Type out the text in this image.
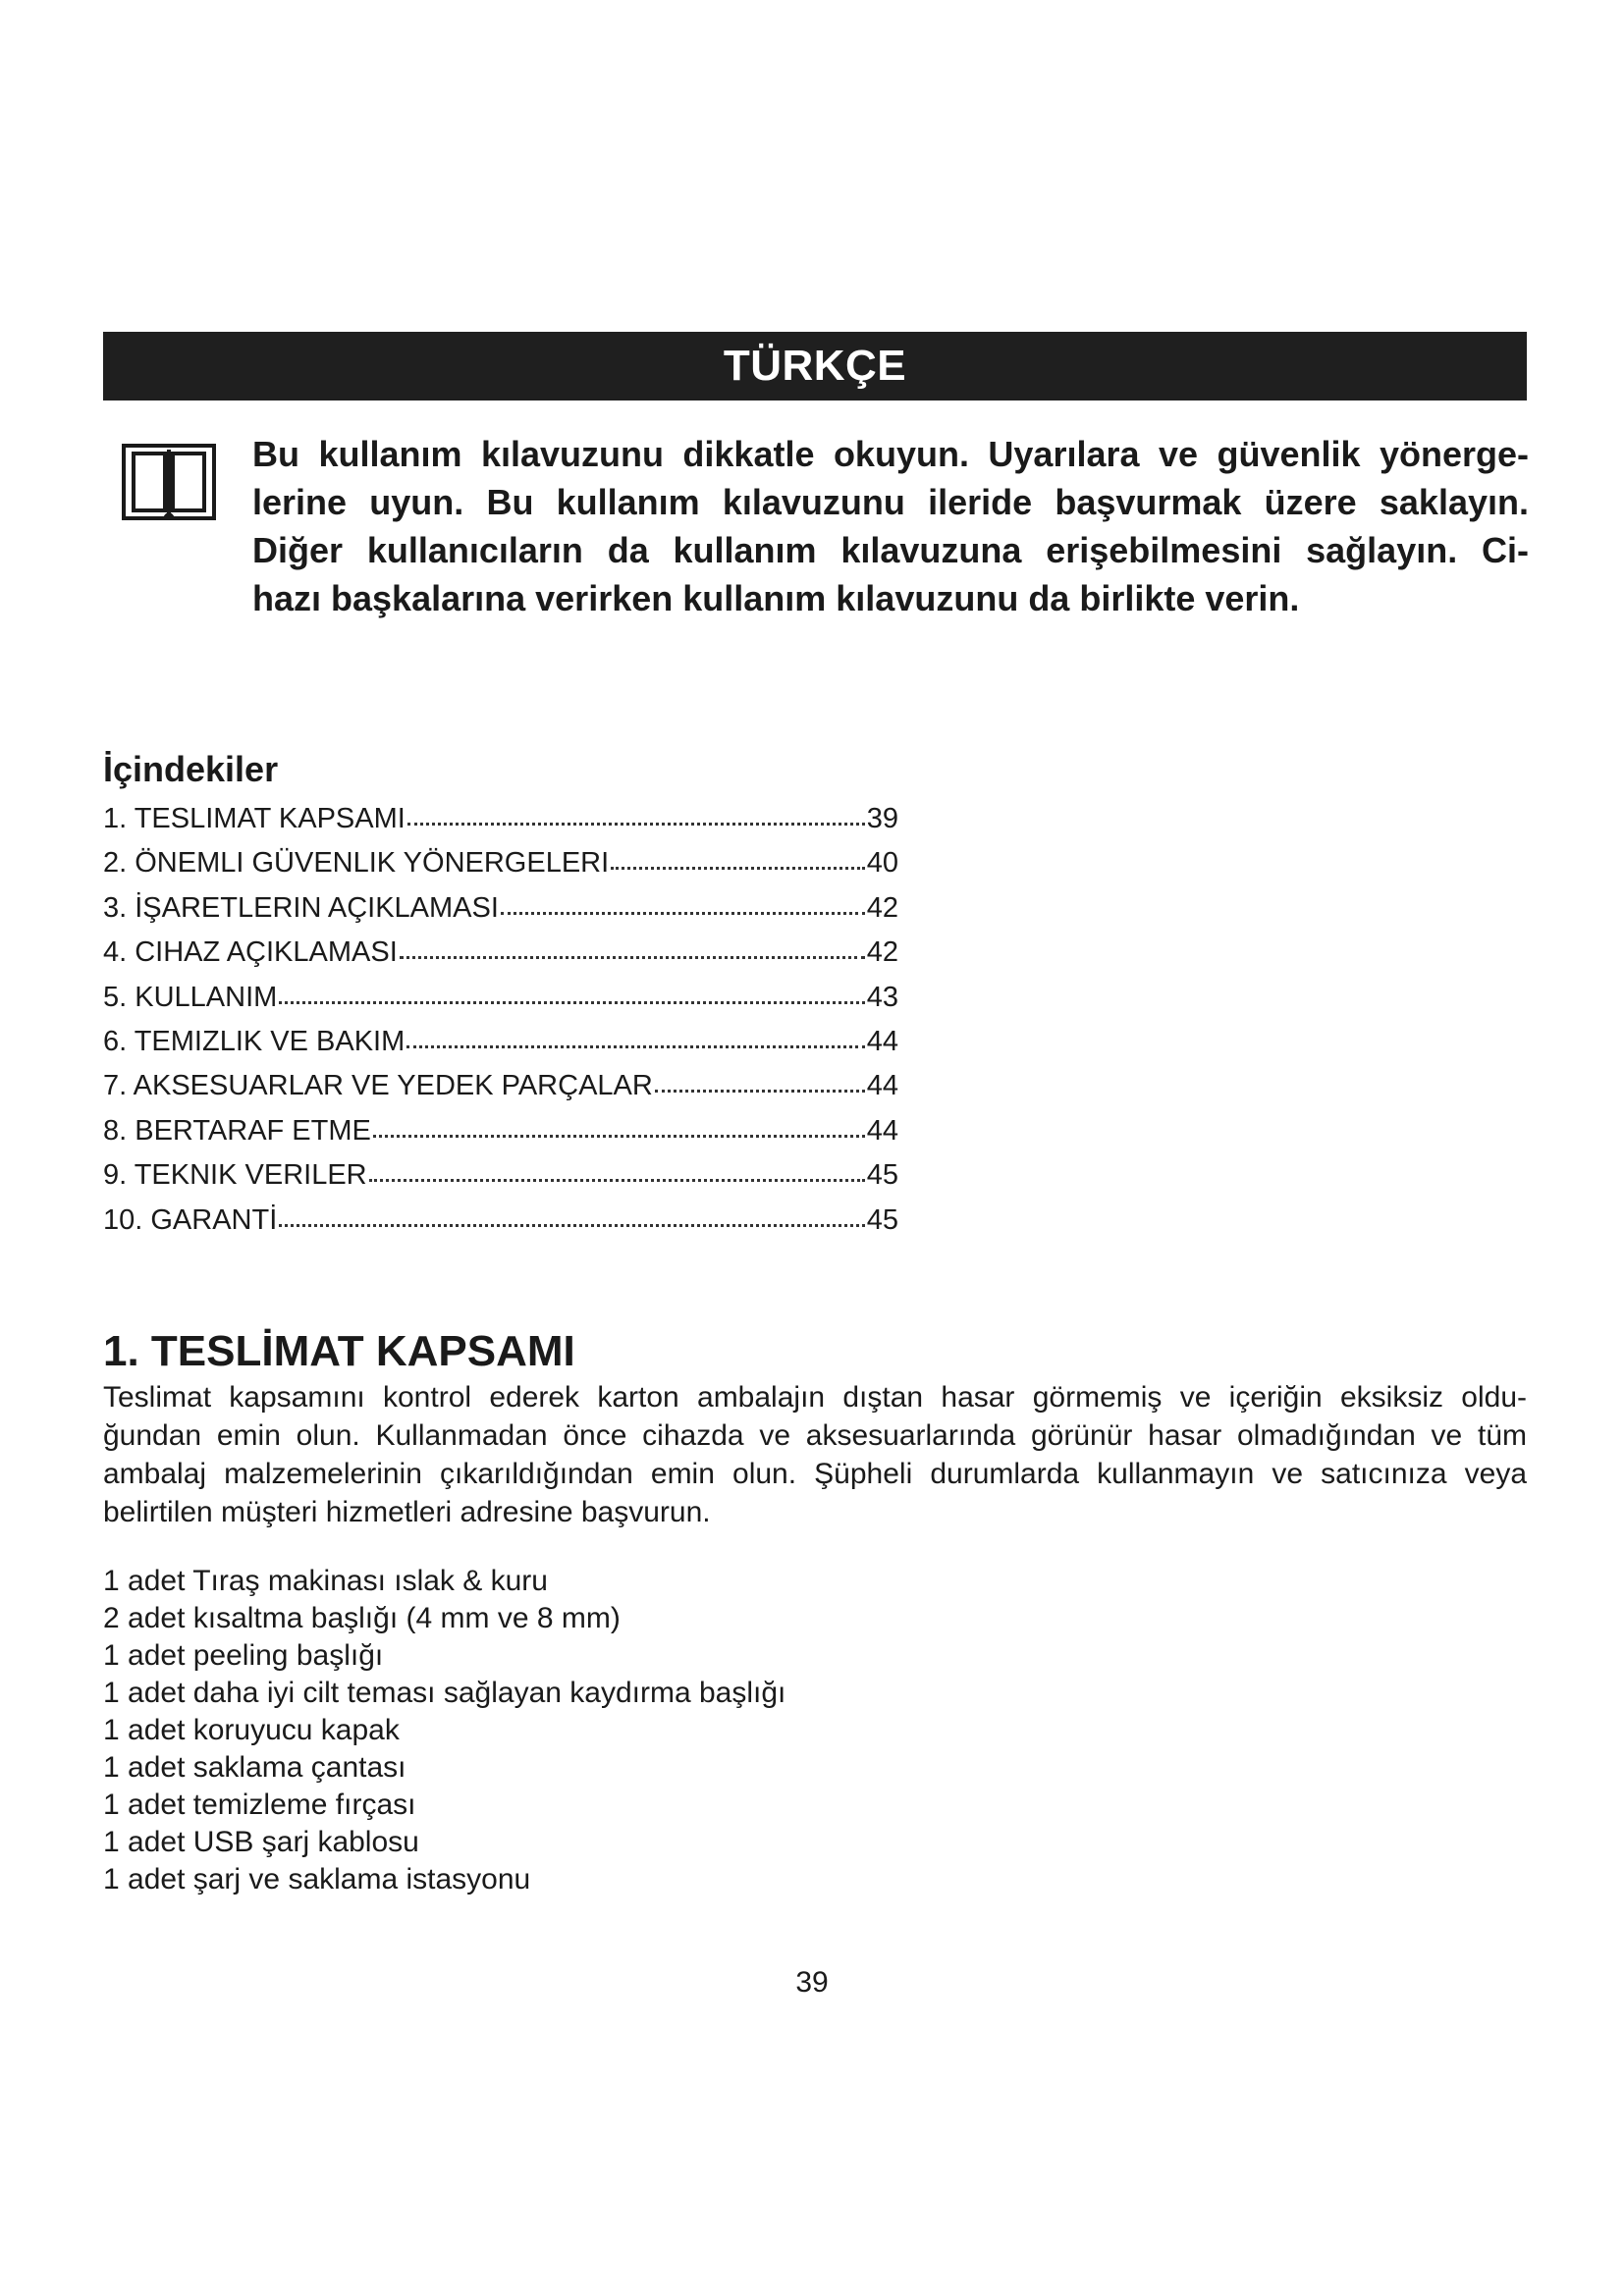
TÜRKÇE
Bu kullanım kılavuzunu dikkatle okuyun. Uyarılara ve güvenlik yönerge-
lerine uyun. Bu kullanım kılavuzunu ileride başvurmak üzere saklayın.
Diğer kullanıcıların da kullanım kılavuzuna erişebilmesini sağlayın. Ci-
hazı başkalarına verirken kullanım kılavuzunu da birlikte verin.
İçindekiler
1. TESLIMAT KAPSAMI	39
2. ÖNEMLI GÜVENLIK YÖNERGELERI	40
3. İŞARETLERIN AÇIKLAMASI	42
4. CIHAZ AÇIKLAMASI	42
5. KULLANIM	43
6. TEMIZLIK VE BAKIM	44
7. AKSESUARLAR VE YEDEK PARÇALAR	44
8. BERTARAF ETME	44
9. TEKNIK VERILER	45
10. GARANTİ	45
1. TESLİMAT KAPSAMI
Teslimat kapsamını kontrol ederek karton ambalajın dıştan hasar görmemiş ve içeriğin eksiksiz oldu-
ğundan emin olun. Kullanmadan önce cihazda ve aksesuarlarında görünür hasar olmadığından ve tüm
ambalaj malzemelerinin çıkarıldığından emin olun. Şüpheli durumlarda kullanmayın ve satıcınıza veya
belirtilen müşteri hizmetleri adresine başvurun.
1 adet Tıraş makinası ıslak & kuru
2 adet kısaltma başlığı (4 mm ve 8 mm)
1 adet peeling başlığı
1 adet daha iyi cilt teması sağlayan kaydırma başlığı
1 adet koruyucu kapak
1 adet saklama çantası
1 adet temizleme fırçası
1 adet USB şarj kablosu
1 adet şarj ve saklama istasyonu
39
